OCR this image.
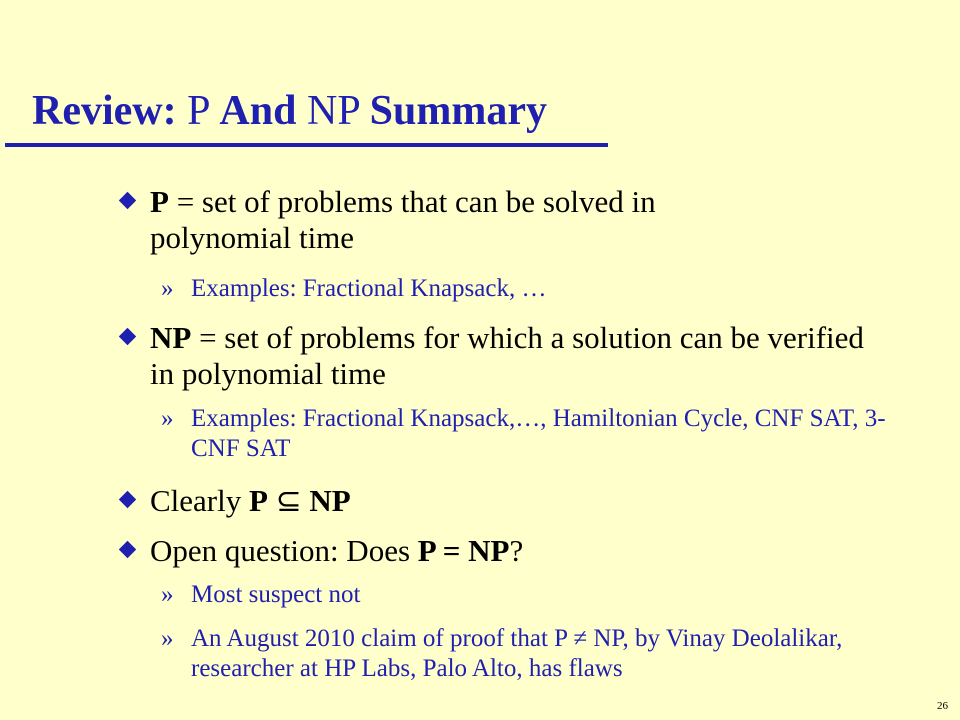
Review: P And NP Summary
P = set of problems that can be solved in polynomial time
» Examples: Fractional Knapsack, …
NP = set of problems for which a solution can be verified in polynomial time
» Examples: Fractional Knapsack,…, Hamiltonian Cycle, CNF SAT, 3-CNF SAT
Clearly P ⊆ NP
Open question: Does P = NP?
» Most suspect not
» An August 2010 claim of proof that P ≠ NP, by Vinay Deolalikar, researcher at HP Labs, Palo Alto, has flaws
26
